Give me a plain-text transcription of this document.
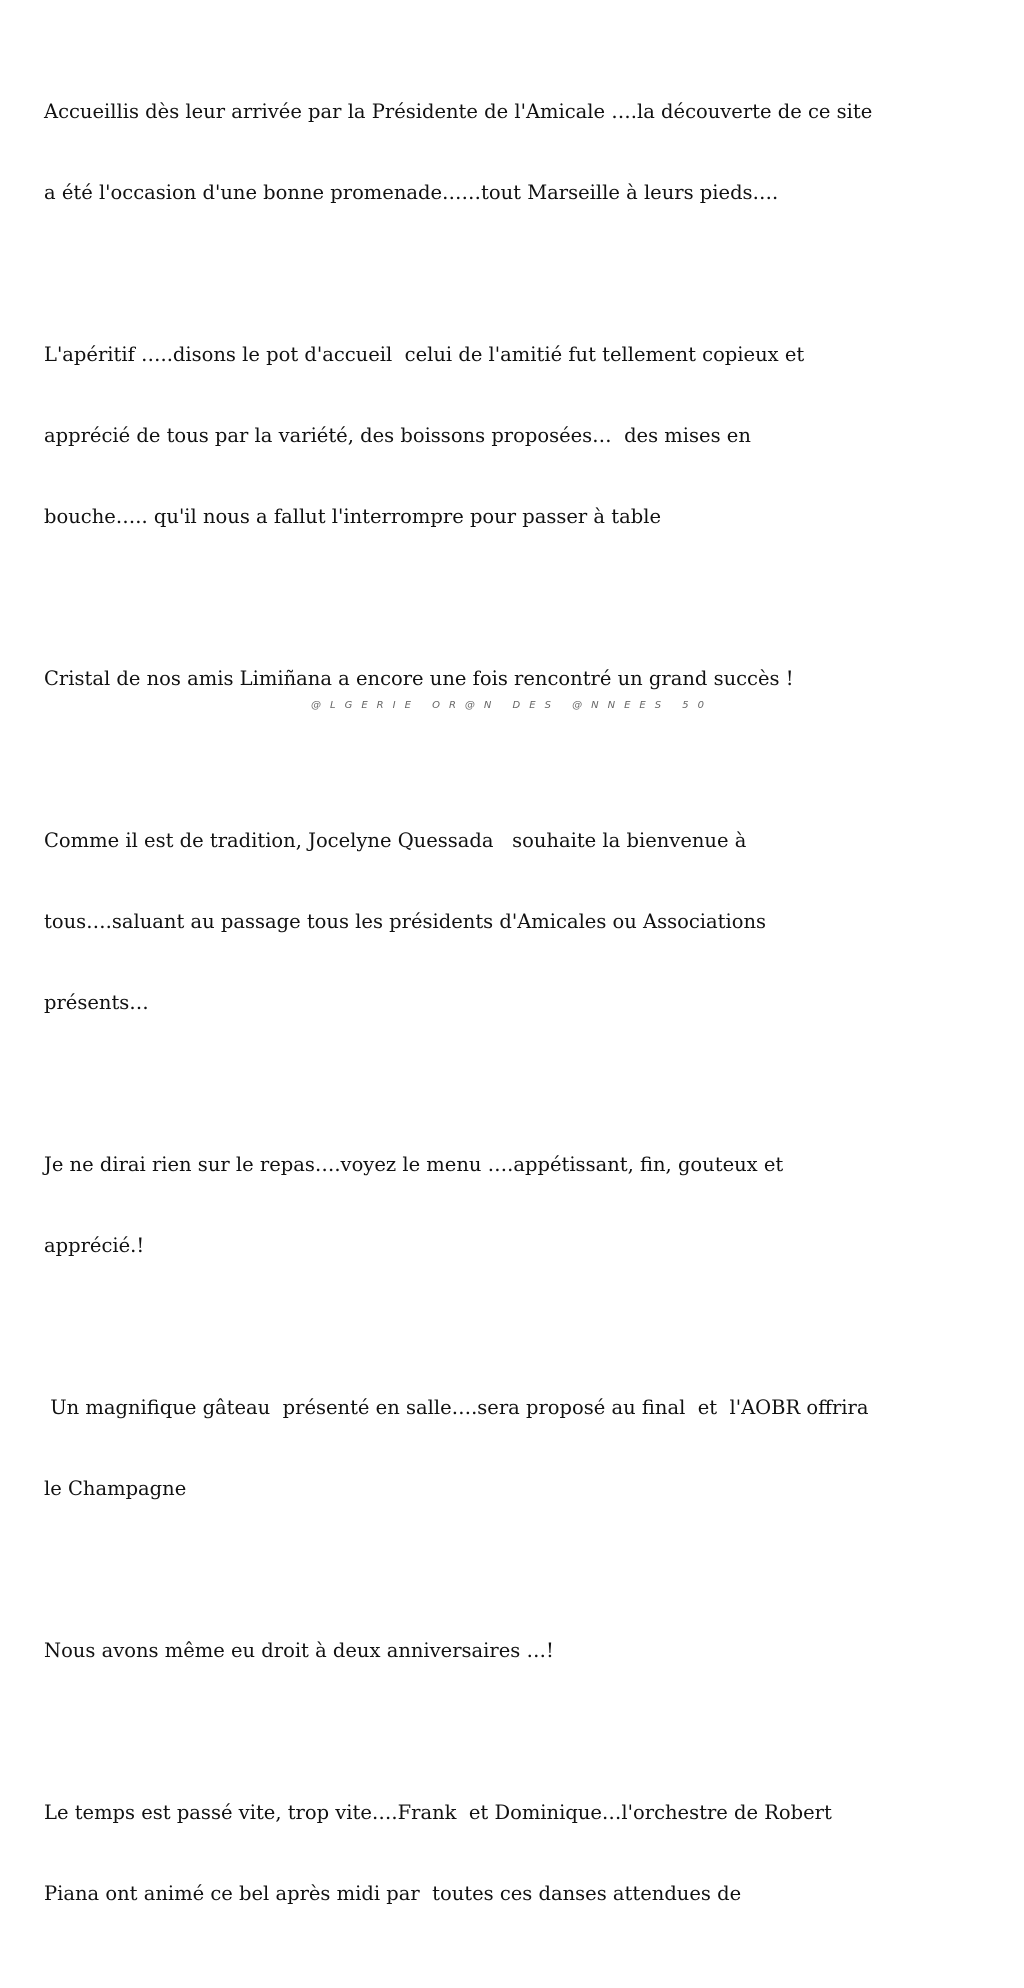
Accueillis dès leur arrivée par la Présidente de l'Amicale ….la découverte de ce site

a été l'occasion d'une bonne promenade……tout Marseille à leurs pieds….

L'apéritif …..disons le pot d'accueil  celui de l'amitié fut tellement copieux et

apprécié de tous par la variété, des boissons proposées…  des mises en

bouche….. qu'il nous a fallut l'interrompre pour passer à table

Cristal de nos amis Limiñana a encore une fois rencontré un grand succès !

Comme il est de tradition, Jocelyne Quessada   souhaite la bienvenue à

tous….saluant au passage tous les présidents d'Amicales ou Associations

présents…

Je ne dirai rien sur le repas….voyez le menu ….appétissant, fin, gouteux et

apprécié.!

Un magnifique gâteau  présenté en salle….sera proposé au final  et  l'AOBR offrira

le Champagne

Nous avons même eu droit à deux anniversaires …!

Le temps est passé vite, trop vite….Frank  et Dominique…l'orchestre de Robert

Piana ont animé ce bel après midi par  toutes ces danses attendues de

@LGERIE OR@N DES @NNEES 50
